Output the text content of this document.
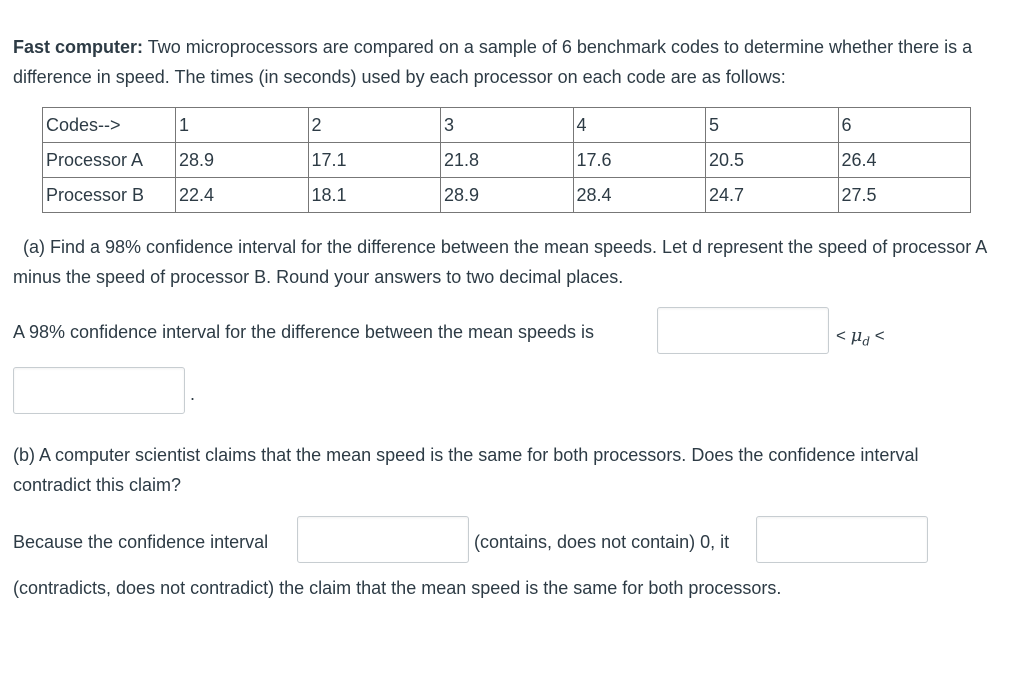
Fast computer: Two microprocessors are compared on a sample of 6 benchmark codes to determine whether there is a difference in speed. The times (in seconds) used by each processor on each code are as follows:

Codes-->	1	2	3	4	5	6
Processor A	28.9	17.1	21.8	17.6	20.5	26.4
Processor B	22.4	18.1	28.9	28.4	24.7	27.5

(a) Find a 98% confidence interval for the difference between the mean speeds. Let d represent the speed of processor A minus the speed of processor B. Round your answers to two decimal places.

A 98% confidence interval for the difference between the mean speeds is	< $\mu_d$ <
.

(b) A computer scientist claims that the mean speed is the same for both processors. Does the confidence interval contradict this claim?

Because the confidence interval	(contains, does not contain) 0, it
(contradicts, does not contradict) the claim that the mean speed is the same for both processors.
